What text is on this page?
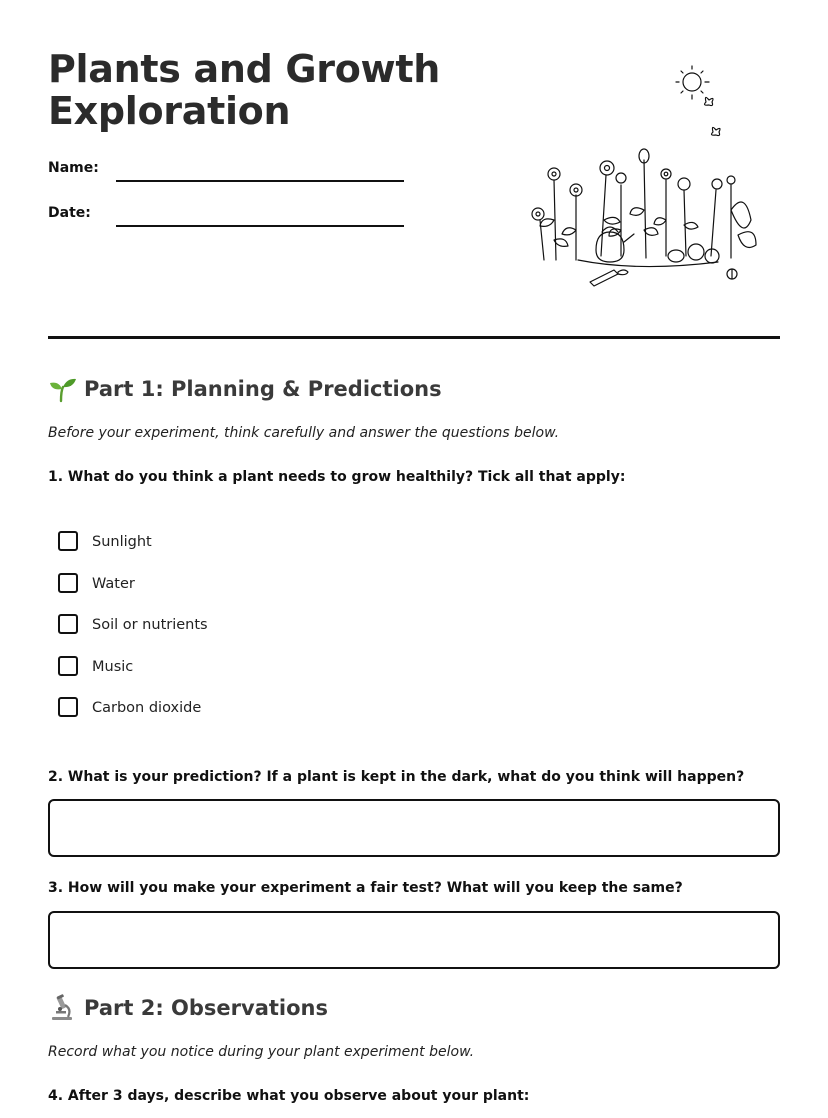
Plants and Growth
Exploration
Name:
Date:
Part 1: Planning & Predictions
Before your experiment, think carefully and answer the questions below.
1. What do you think a plant needs to grow healthily? Tick all that apply:
Sunlight
Water
Soil or nutrients
Music
Carbon dioxide
2. What is your prediction? If a plant is kept in the dark, what do you think will happen?
3. How will you make your experiment a fair test? What will you keep the same?
Part 2: Observations
Record what you notice during your plant experiment below.
4. After 3 days, describe what you observe about your plant:
